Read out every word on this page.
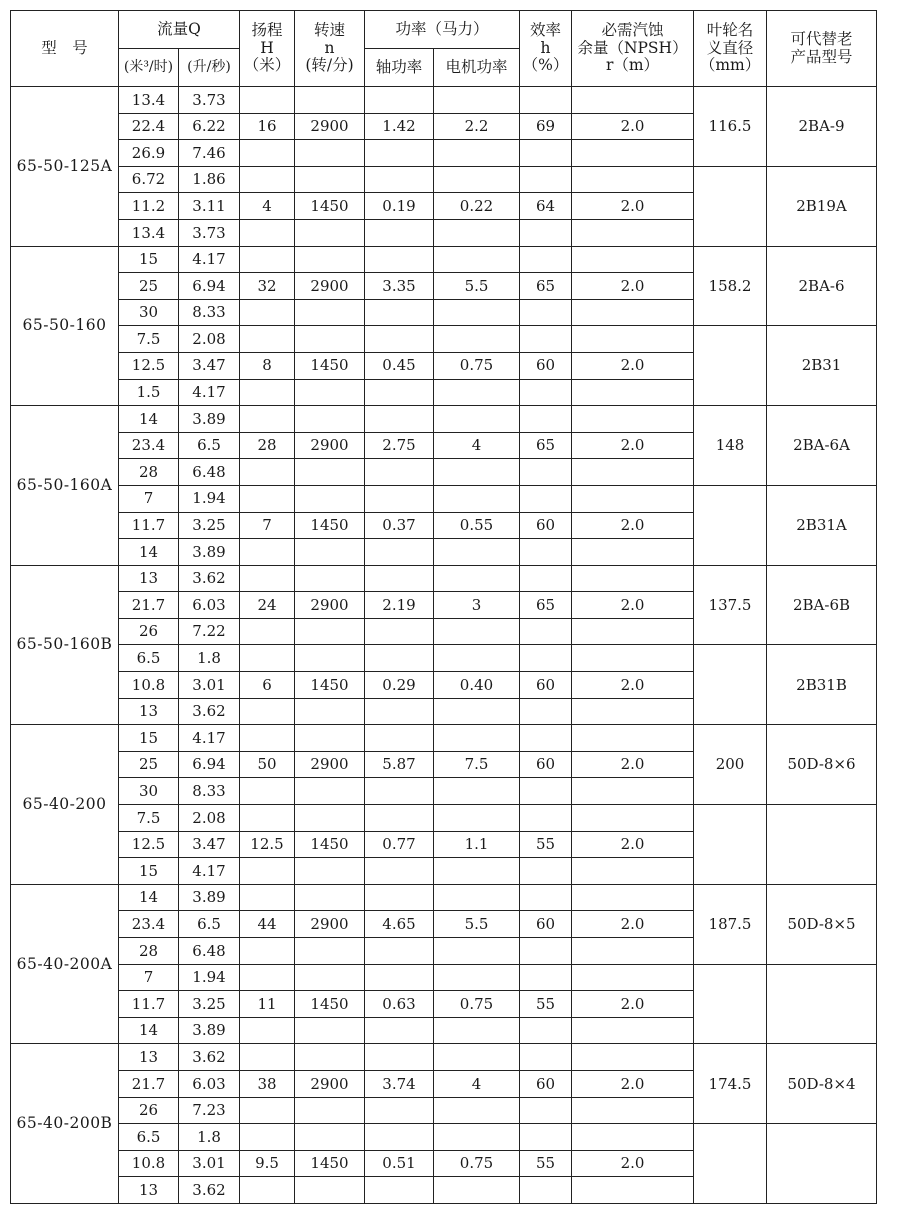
型　号	流量Q		扬程
H
（米）	转速
n
(转/分)	功率（马力）		效率
h
（%）	必需汽蚀
余量（NPSH）
r（m）	叶轮名
义直径
（mm）	可代替老
产品型号

	(米³/时)	(升/秒)			轴功率	电机功率				
65-50-125A	13.4	3.73							116.5	2BA-9
	22.4	6.22	16	2900	1.42	2.2	69	2.0		
	26.9	7.46								
	6.72	1.86								2B19A
	11.2	3.11	4	1450	0.19	0.22	64	2.0		
	13.4	3.73								
65-50-160	15	4.17							158.2	2BA-6
	25	6.94	32	2900	3.35	5.5	65	2.0		
	30	8.33								
	7.5	2.08								2B31
	12.5	3.47	8	1450	0.45	0.75	60	2.0		
	1.5	4.17								
65-50-160A	14	3.89							148	2BA-6A
	23.4	6.5	28	2900	2.75	4	65	2.0		
	28	6.48								
	7	1.94								2B31A
	11.7	3.25	7	1450	0.37	0.55	60	2.0		
	14	3.89								
65-50-160B	13	3.62							137.5	2BA-6B
	21.7	6.03	24	2900	2.19	3	65	2.0		
	26	7.22								
	6.5	1.8								2B31B
	10.8	3.01	6	1450	0.29	0.40	60	2.0		
	13	3.62								
65-40-200	15	4.17							200	50D-8×6
	25	6.94	50	2900	5.87	7.5	60	2.0		
	30	8.33								
	7.5	2.08								
	12.5	3.47	12.5	1450	0.77	1.1	55	2.0		
	15	4.17								
65-40-200A	14	3.89							187.5	50D-8×5
	23.4	6.5	44	2900	4.65	5.5	60	2.0		
	28	6.48								
	7	1.94								
	11.7	3.25	11	1450	0.63	0.75	55	2.0		
	14	3.89								
65-40-200B	13	3.62							174.5	50D-8×4
	21.7	6.03	38	2900	3.74	4	60	2.0		
	26	7.23								
	6.5	1.8								
	10.8	3.01	9.5	1450	0.51	0.75	55	2.0		
	13	3.62								
